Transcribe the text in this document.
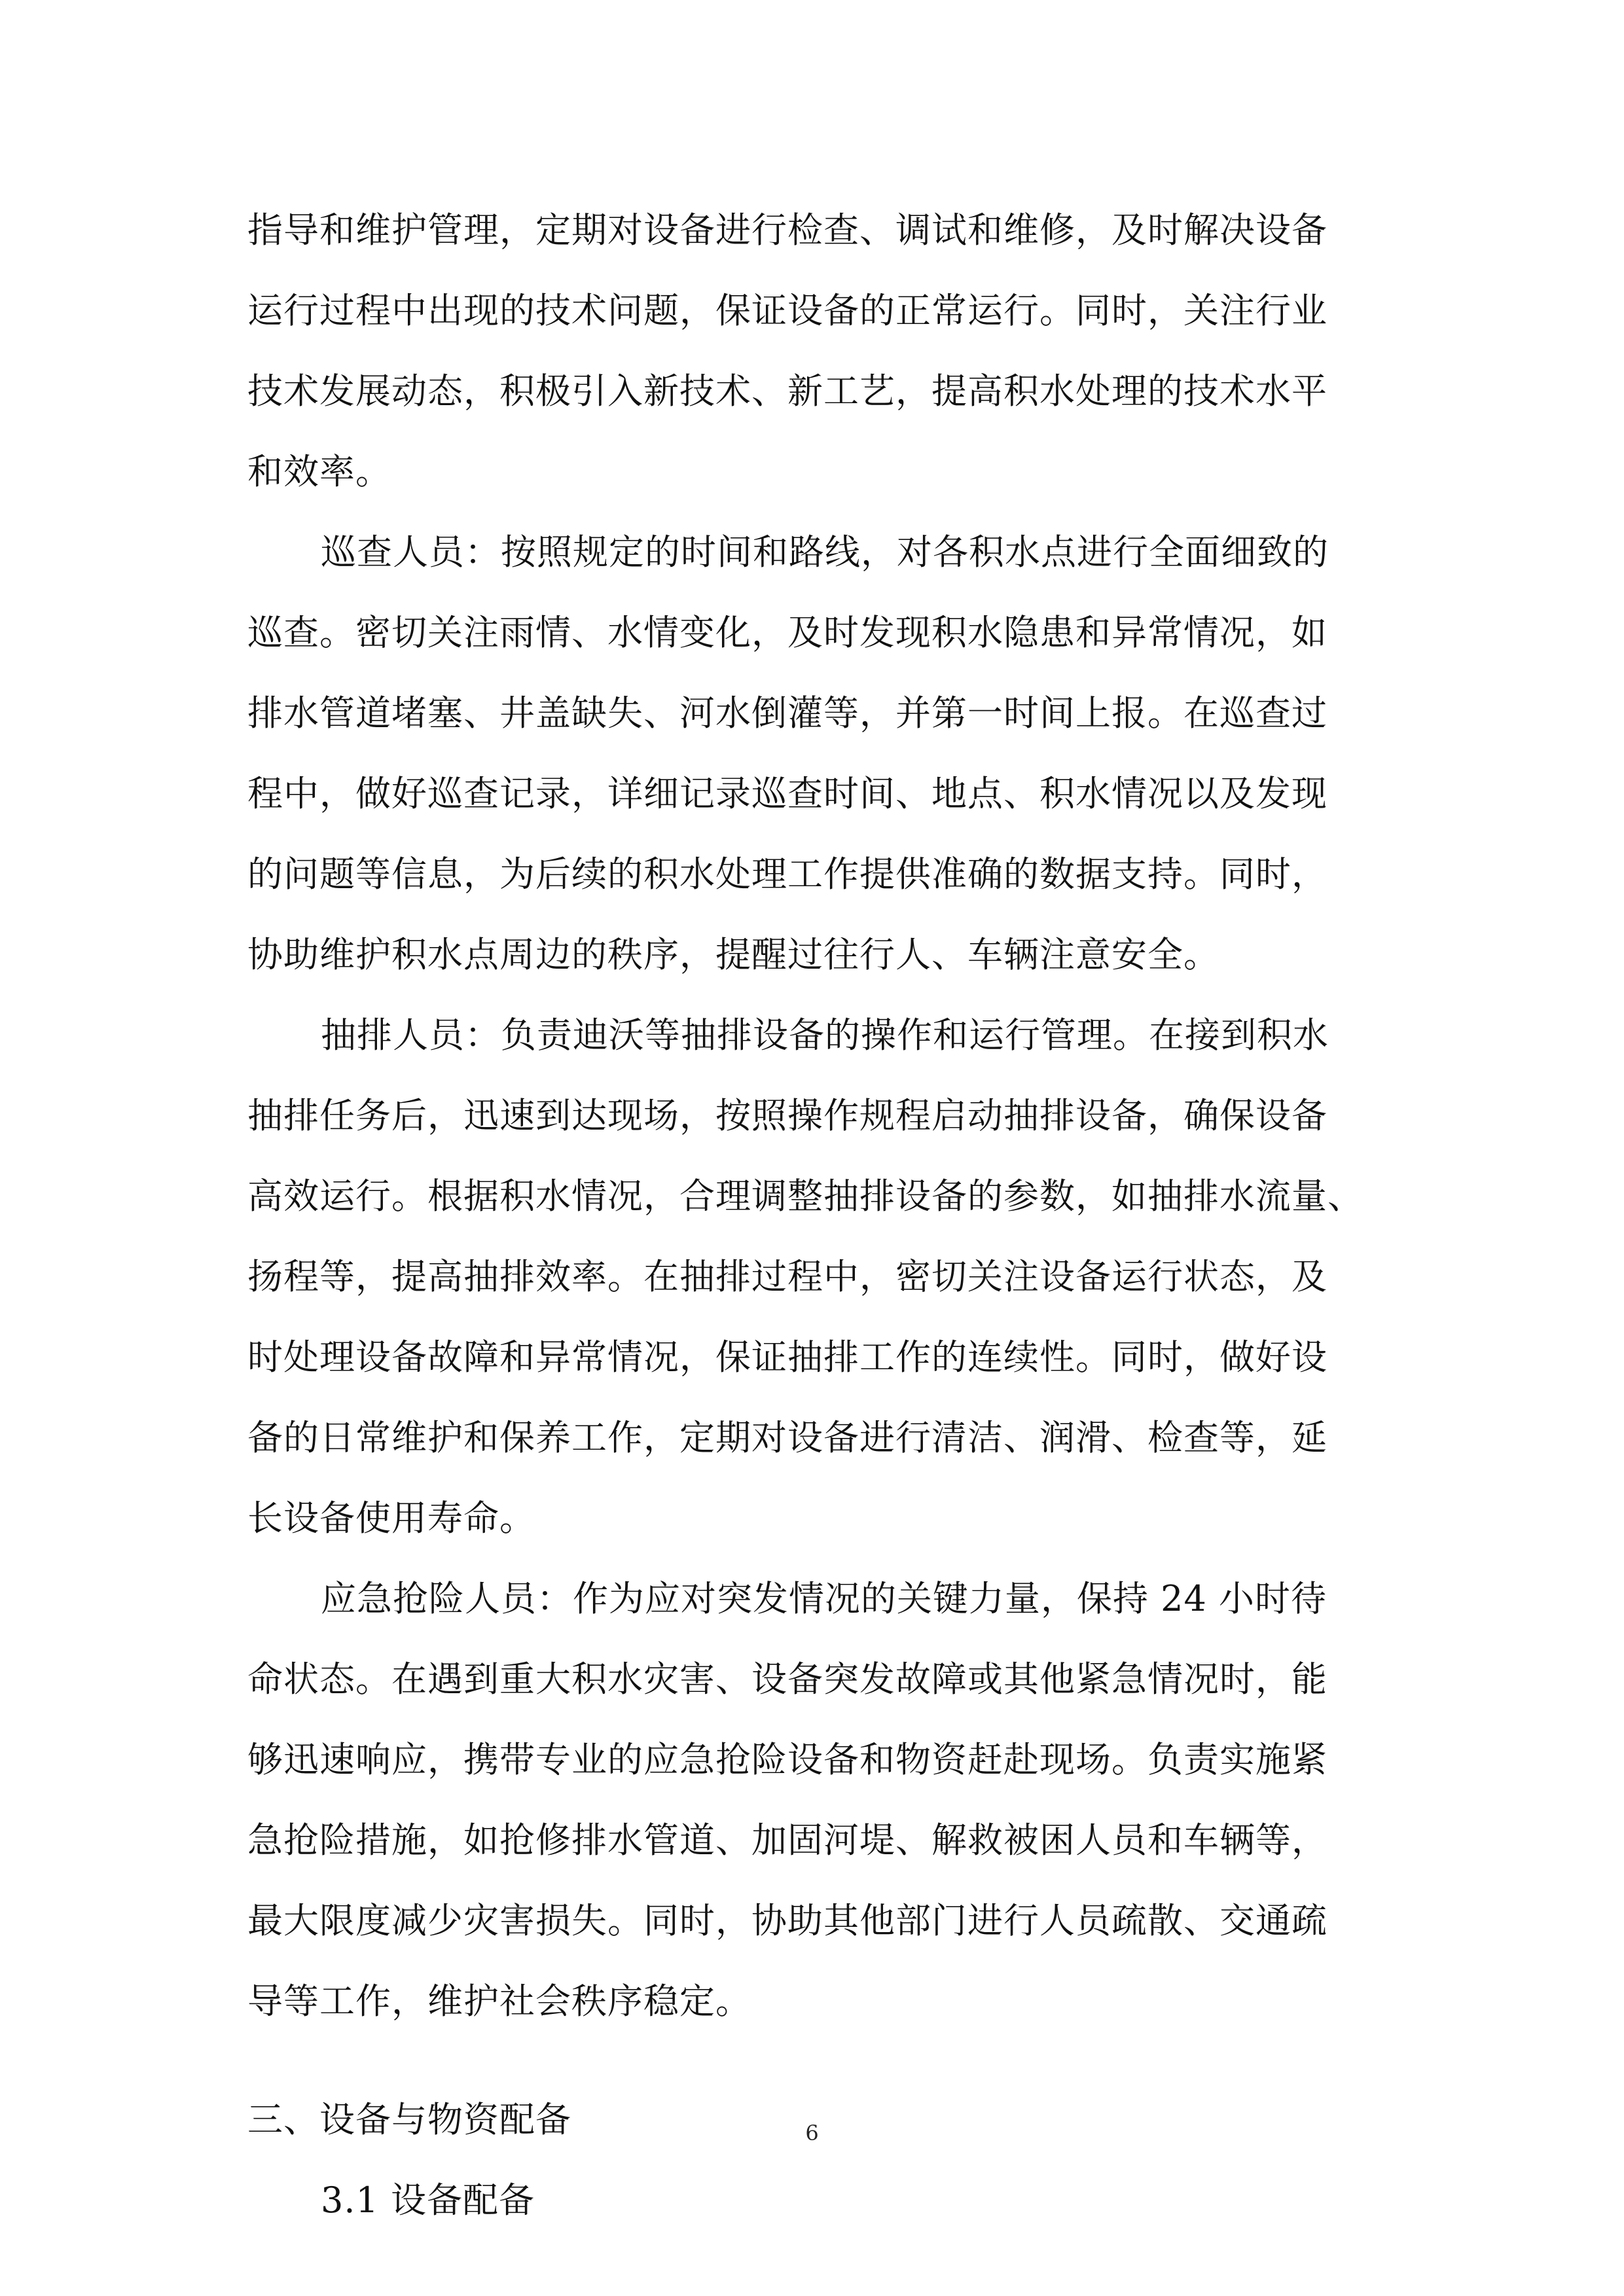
指导和维护管理，定期对设备进行检查、调试和维修，及时解决设备
运行过程中出现的技术问题，保证设备的正常运行。同时，关注行业
技术发展动态，积极引入新技术、新工艺，提高积水处理的技术水平
和效率。
巡查人员：按照规定的时间和路线，对各积水点进行全面细致的
巡查。密切关注雨情、水情变化，及时发现积水隐患和异常情况，如
排水管道堵塞、井盖缺失、河水倒灌等，并第一时间上报。在巡查过
程中，做好巡查记录，详细记录巡查时间、地点、积水情况以及发现
的问题等信息，为后续的积水处理工作提供准确的数据支持。同时，
协助维护积水点周边的秩序，提醒过往行人、车辆注意安全。
抽排人员：负责迪沃等抽排设备的操作和运行管理。在接到积水
抽排任务后，迅速到达现场，按照操作规程启动抽排设备，确保设备
高效运行。根据积水情况，合理调整抽排设备的参数，如抽排水流量、
扬程等，提高抽排效率。在抽排过程中，密切关注设备运行状态，及
时处理设备故障和异常情况，保证抽排工作的连续性。同时，做好设
备的日常维护和保养工作，定期对设备进行清洁、润滑、检查等，延
长设备使用寿命。
应急抢险人员：作为应对突发情况的关键力量，保持 24 小时待
命状态。在遇到重大积水灾害、设备突发故障或其他紧急情况时，能
够迅速响应，携带专业的应急抢险设备和物资赶赴现场。负责实施紧
急抢险措施，如抢修排水管道、加固河堤、解救被困人员和车辆等，
最大限度减少灾害损失。同时，协助其他部门进行人员疏散、交通疏
导等工作，维护社会秩序稳定。
三、设备与物资配备
3.1 设备配备
6
